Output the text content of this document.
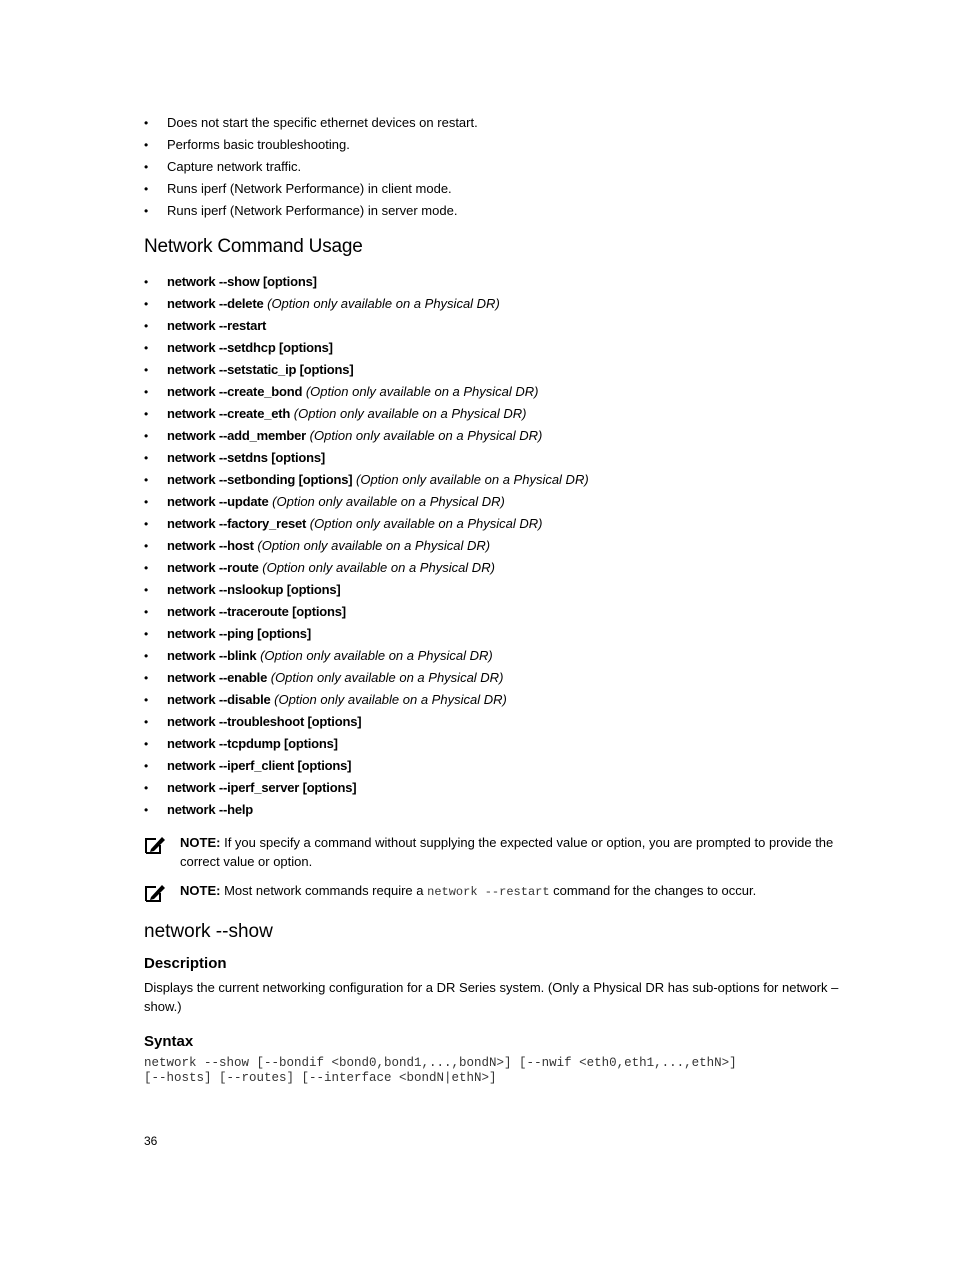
•	Does not start the specific ethernet devices on restart.
•	Performs basic troubleshooting.
•	Capture network traffic.
•	Runs iperf (Network Performance) in client mode.
•	Runs iperf (Network Performance) in server mode.
Network Command Usage
•	network --show [options]
•	network --delete (Option only available on a Physical DR)
•	network --restart
•	network --setdhcp [options]
•	network --setstatic_ip [options]
•	network --create_bond (Option only available on a Physical DR)
•	network --create_eth (Option only available on a Physical DR)
•	network --add_member (Option only available on a Physical DR)
•	network --setdns [options]
•	network --setbonding [options] (Option only available on a Physical DR)
•	network --update (Option only available on a Physical DR)
•	network --factory_reset (Option only available on a Physical DR)
•	network --host (Option only available on a Physical DR)
•	network --route (Option only available on a Physical DR)
•	network --nslookup [options]
•	network --traceroute [options]
•	network --ping [options]
•	network --blink (Option only available on a Physical DR)
•	network --enable (Option only available on a Physical DR)
•	network --disable (Option only available on a Physical DR)
•	network --troubleshoot [options]
•	network --tcpdump [options]
•	network --iperf_client [options]
•	network --iperf_server [options]
•	network --help
NOTE: If you specify a command without supplying the expected value or option, you are prompted to provide the correct value or option.
NOTE: Most network commands require a network --restart command for the changes to occur.
network --show
Description

Displays the current networking configuration for a DR Series system. (Only a Physical DR has sub-options for network –show.)

Syntax
network --show [--bondif <bond0,bond1,...,bondN>] [--nwif <eth0,eth1,...,ethN>]
[--hosts] [--routes] [--interface <bondN|ethN>]
36
